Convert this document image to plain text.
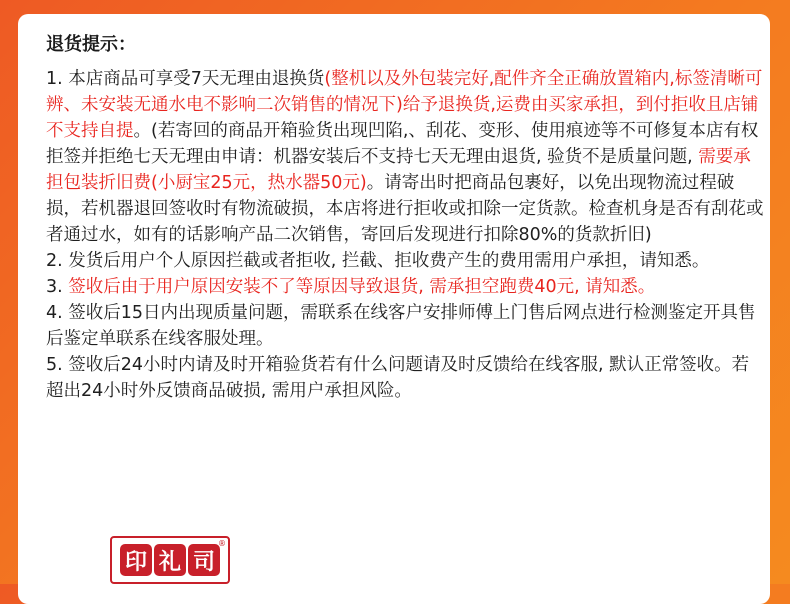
退货提示：

1. 本店商品可享受7天无理由退换货(整机以及外包装完好,配件齐全正确放置箱内,标签清晰可辨、未安装无通水电不影响二次销售的情况下)给予退换货,运费由买家承担，到付拒收且店铺不支持自提。(若寄回的商品开箱验货出现凹陷,、刮花、变形、使用痕迹等不可修复本店有权拒签并拒绝七天无理由申请：机器安装后不支持七天无理由退货, 验货不是质量问题, 需要承担包装折旧费(小厨宝25元，热水器50元)。请寄出时把商品包裹好，以免出现物流过程破损，若机器退回签收时有物流破损，本店将进行拒收或扣除一定货款。检查机身是否有刮花或者通过水，如有的话影响产品二次销售，寄回后发现进行扣除80%的货款折旧)

2. 发货后用户个人原因拦截或者拒收, 拦截、拒收费产生的费用需用户承担，请知悉。

3. 签收后由于用户原因安装不了等原因导致退货, 需承担空跑费40元, 请知悉。

4. 签收后15日内出现质量问题，需联系在线客户安排师傅上门售后网点进行检测鉴定开具售后鉴定单联系在线客服处理。

5. 签收后24小时内请及时开箱验货若有什么问题请及时反馈给在线客服, 默认正常签收。若超出24小时外反馈商品破损, 需用户承担风险。

印 礼 司
®
